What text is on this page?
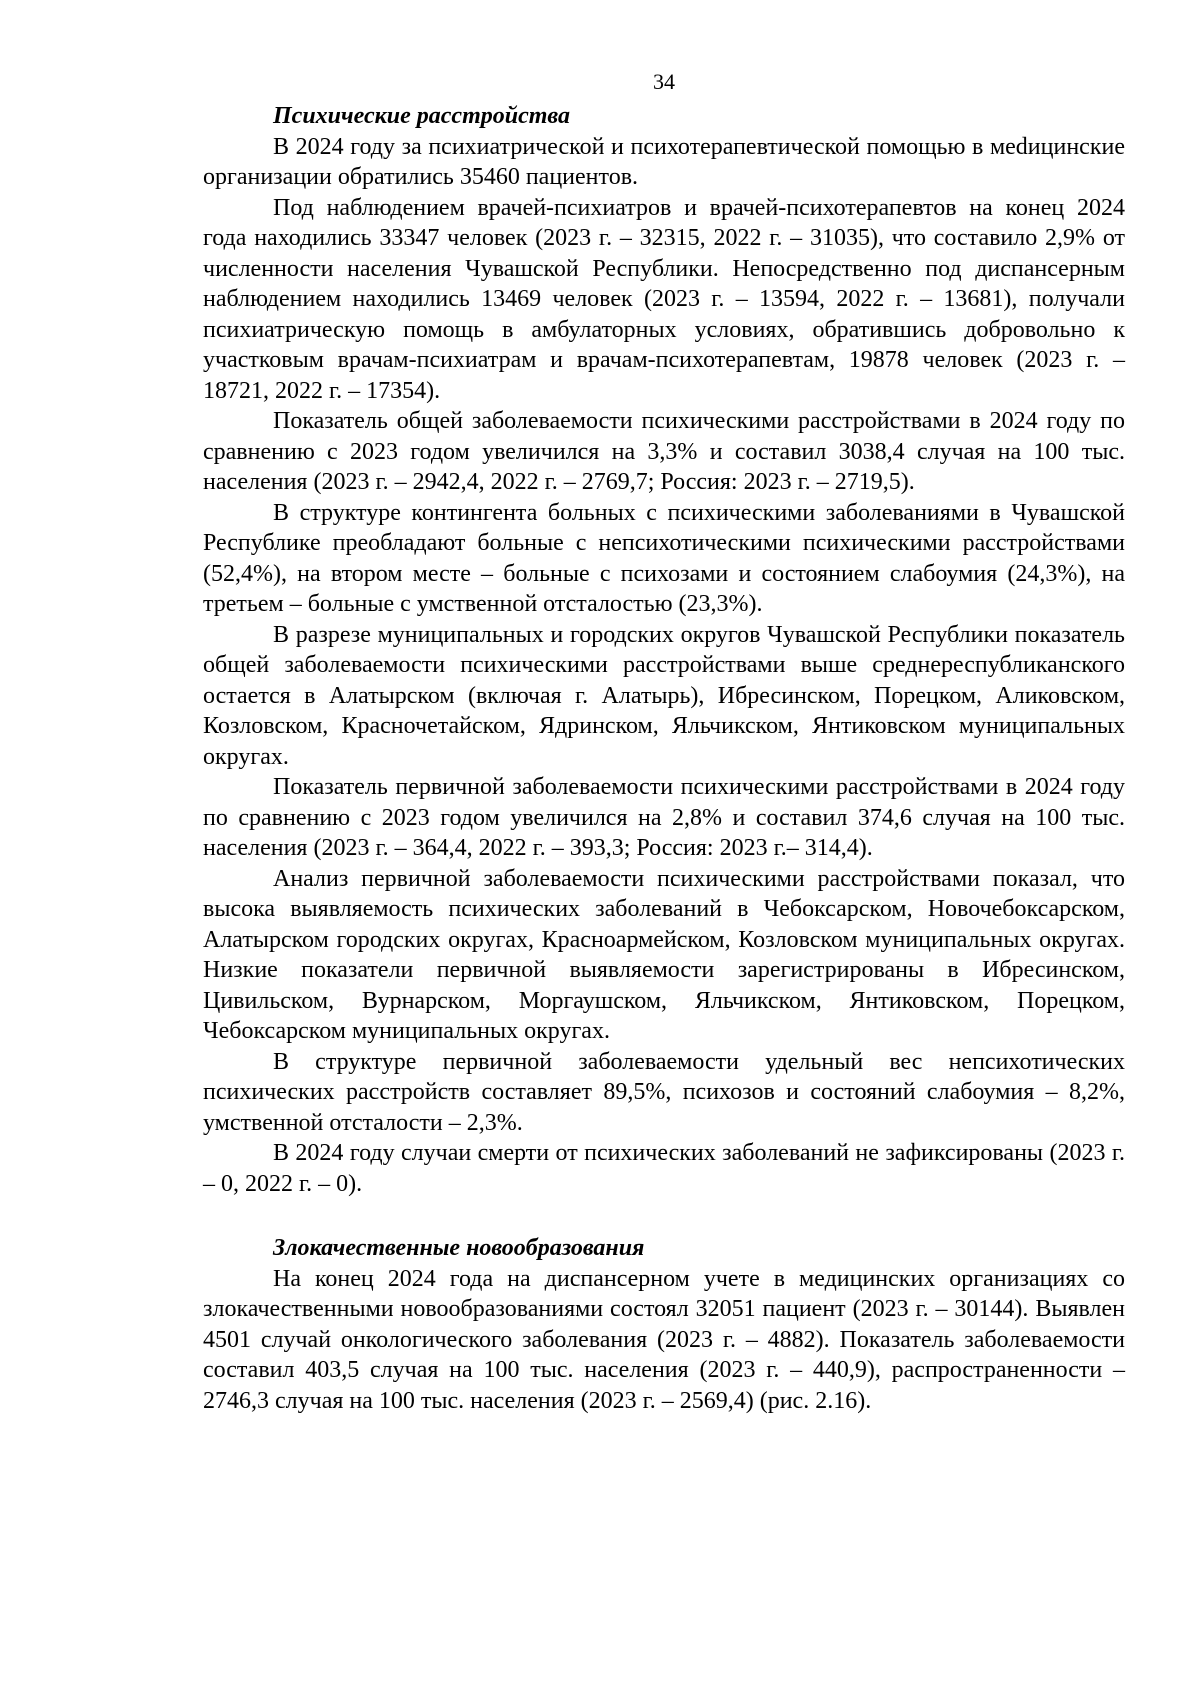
34

Психические расстройства

В 2024 году за психиатрической и психотерапевтической помощью в меdицинские организации обратились 35460 пациентов.

Под наблюдением врачей-психиатров и врачей-психотерапевтов на конец 2024 года находились 33347 человек (2023 г. – 32315, 2022 г. – 31035), что составило 2,9% от численности населения Чувашской Республики. Непосредственно под диспансерным наблюдением находились 13469 человек (2023 г. – 13594, 2022 г. – 13681), получали психиатрическую помощь в амбулаторных условиях, обратившись добровольно к участковым врачам-психиатрам и врачам-психотерапевтам, 19878 человек (2023 г. – 18721, 2022 г. – 17354).

Показатель общей заболеваемости психическими расстройствами в 2024 году по сравнению с 2023 годом увеличился на 3,3% и составил 3038,4 случая на 100 тыс. населения (2023 г. – 2942,4, 2022 г. – 2769,7; Россия: 2023 г. – 2719,5).

В структуре контингента больных с психическими заболеваниями в Чувашской Республике преобладают больные с непсихотическими психическими расстройствами (52,4%), на втором месте – больные с психозами и состоянием слабоумия (24,3%), на третьем – больные с умственной отсталостью (23,3%).

В разрезе муниципальных и городских округов Чувашской Республики показатель общей заболеваемости психическими расстройствами выше среднереспубликанского остается в Алатырском (включая г. Алатырь), Ибресинском, Порецком, Аликовском, Козловском, Красночетайском, Ядринском, Яльчикском, Янтиковском муниципальных округах.

Показатель первичной заболеваемости психическими расстройствами в 2024 году по сравнению с 2023 годом увеличился на 2,8% и составил 374,6 случая на 100 тыс. населения (2023 г. – 364,4, 2022 г. – 393,3; Россия: 2023 г.– 314,4).

Анализ первичной заболеваемости психическими расстройствами показал, что высока выявляемость психических заболеваний в Чебоксарском, Новочебоксарском, Алатырском городских округах, Красноармейском, Козловском муниципальных округах. Низкие показатели первичной выявляемости зарегистрированы в Ибресинском, Цивильском, Вурнарском, Моргаушском, Яльчикском, Янтиковском, Порецком, Чебоксарском муниципальных округах.

В структуре первичной заболеваемости удельный вес непсихотических психических расстройств составляет 89,5%, психозов и состояний слабоумия – 8,2%, умственной отсталости – 2,3%.

В 2024 году случаи смерти от психических заболеваний не зафиксированы (2023 г. – 0, 2022 г. – 0).

Злокачественные новообразования

На конец 2024 года на диспансерном учете в медицинских организациях со злокачественными новообразованиями состоял 32051 пациент (2023 г. – 30144). Выявлен 4501 случай онкологического заболевания (2023 г. – 4882). Показатель заболеваемости составил 403,5 случая на 100 тыс. населения (2023 г. – 440,9), распространенности – 2746,3 случая на 100 тыс. населения (2023 г. – 2569,4) (рис. 2.16).
